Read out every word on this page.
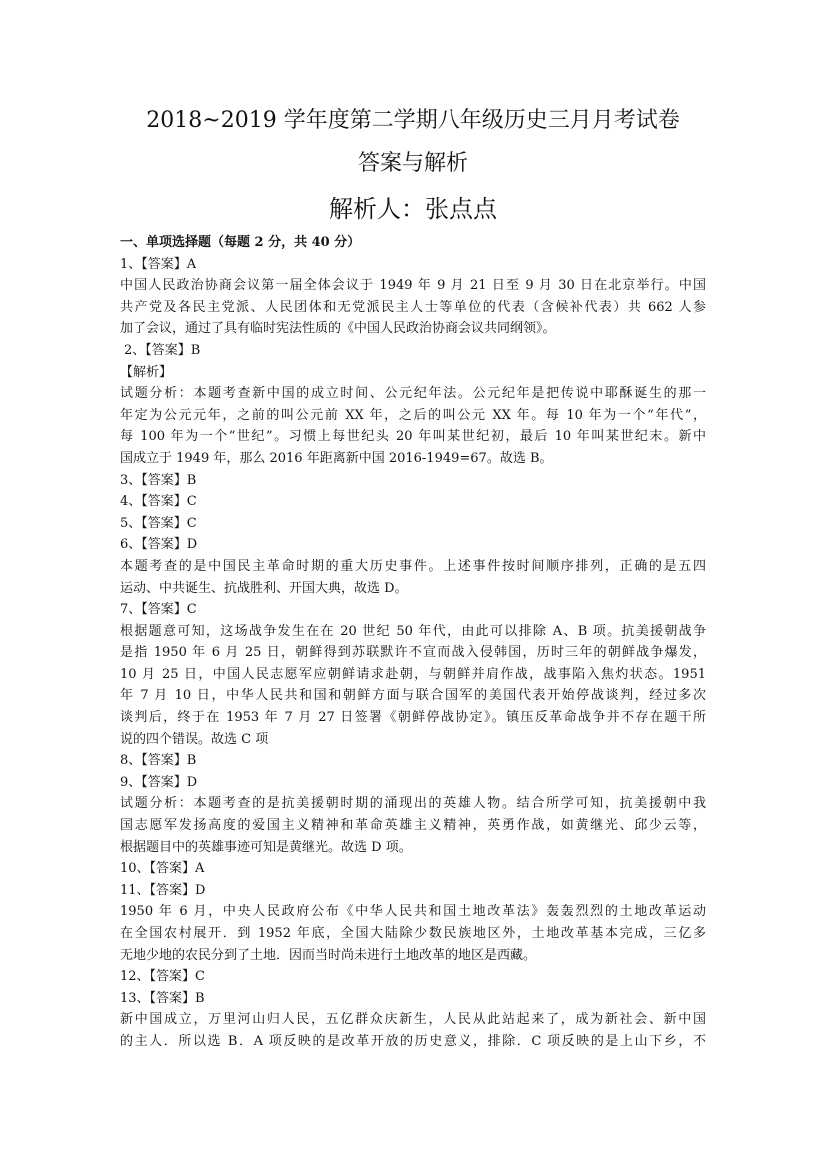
2018~2019 学年度第二学期八年级历史三月月考试卷
答案与解析
解析人：张点点
一、单项选择题（每题 2 分，共 40 分）
1、【答案】A
中国人民政治协商会议第一届全体会议于 1949 年 9 月 21 日至 9 月 30 日在北京举行。中国
共产党及各民主党派、人民团体和无党派民主人士等单位的代表（含候补代表）共 662 人参
加了会议，通过了具有临时宪法性质的《中国人民政治协商会议共同纲领》。
2、【答案】B
【解析】
试题分析：本题考查新中国的成立时间、公元纪年法。公元纪年是把传说中耶酥诞生的那一
年定为公元元年，之前的叫公元前 XX 年，之后的叫公元 XX 年。每 10 年为一个“年代”，
每 100 年为一个“世纪”。习惯上每世纪头 20 年叫某世纪初，最后 10 年叫某世纪末。新中
国成立于 1949 年，那么 2016 年距离新中国 2016-1949=67。故选 B。
3、【答案】B
4、【答案】C
5、【答案】C
6、【答案】D
本题考查的是中国民主革命时期的重大历史事件。上述事件按时间顺序排列，正确的是五四
运动、中共诞生、抗战胜利、开国大典，故选 D。
7、【答案】C
根据题意可知，这场战争发生在在 20 世纪 50 年代，由此可以排除 A、B 项。抗美援朝战争
是指 1950 年 6 月 25 日，朝鲜得到苏联默许不宣而战入侵韩国，历时三年的朝鲜战争爆发，
10 月 25 日，中国人民志愿军应朝鲜请求赴朝，与朝鲜并肩作战，战事陷入焦灼状态。1951
年 7 月 10 日，中华人民共和国和朝鲜方面与联合国军的美国代表开始停战谈判，经过多次
谈判后，终于在 1953 年 7 月 27 日签署《朝鲜停战协定》。镇压反革命战争并不存在题干所
说的四个错误。故选 C 项
8、【答案】B
9、【答案】D
试题分析：本题考查的是抗美援朝时期的涌现出的英雄人物。结合所学可知，抗美援朝中我
国志愿军发扬高度的爱国主义精神和革命英雄主义精神，英勇作战，如黄继光、邱少云等，
根据题目中的英雄事迹可知是黄继光。故选 D 项。
10、【答案】A
11、【答案】D
1950 年 6 月，中央人民政府公布《中华人民共和国土地改革法》轰轰烈烈的土地改革运动
在全国农村展开．到 1952 年底，全国大陆除少数民族地区外，土地改革基本完成，三亿多
无地少地的农民分到了土地．因而当时尚未进行土地改革的地区是西藏。
12、【答案】C
13、【答案】B
新中国成立，万里河山归人民，五亿群众庆新生，人民从此站起来了，成为新社会、新中国
的主人．所以选 B．A 项反映的是改革开放的历史意义，排除．C 项反映的是上山下乡，不
